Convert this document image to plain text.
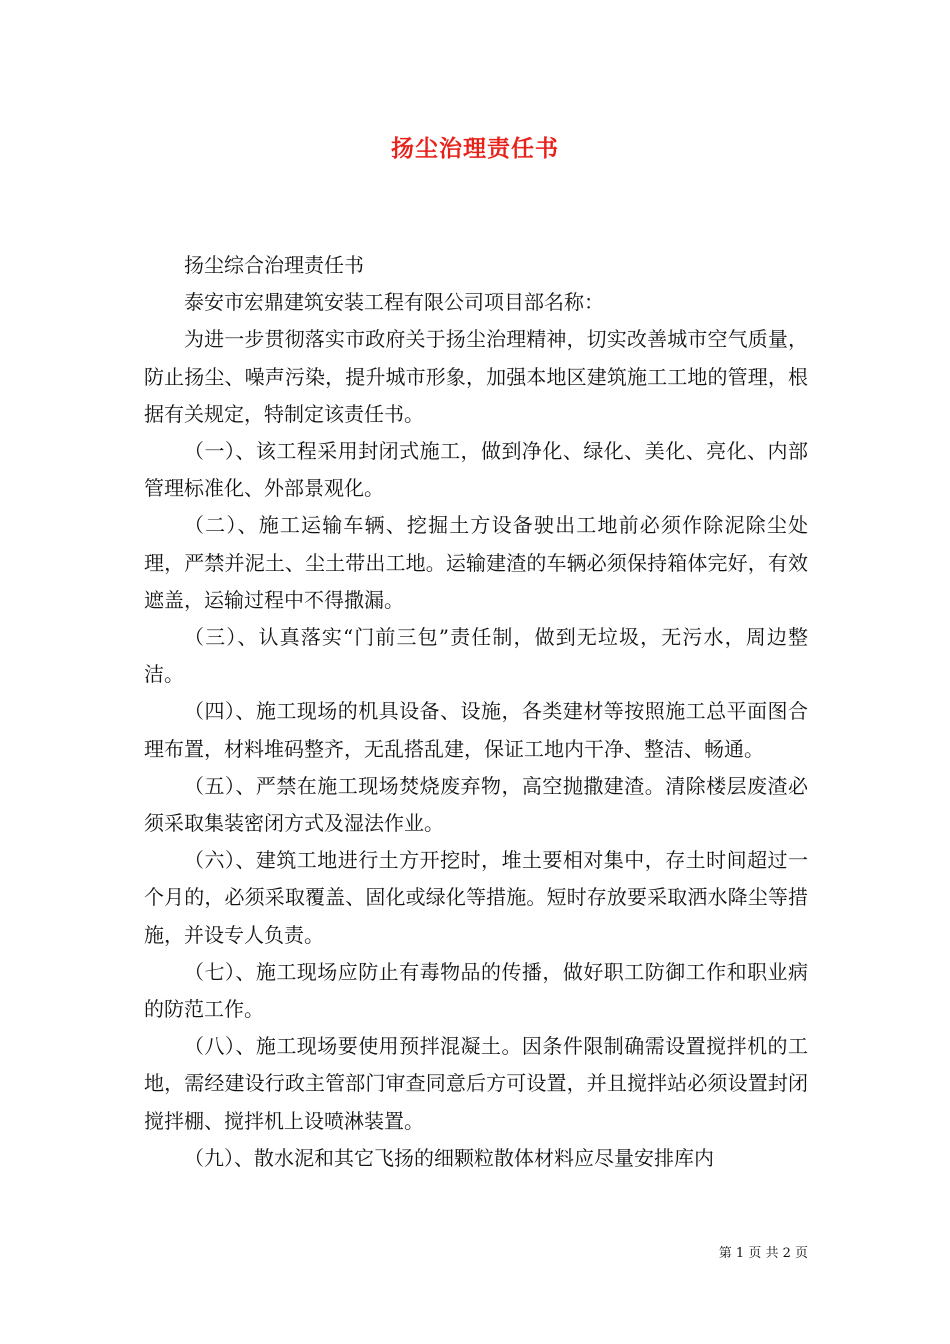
扬尘治理责任书

扬尘综合治理责任书

泰安市宏鼎建筑安装工程有限公司项目部名称：

为进一步贯彻落实市政府关于扬尘治理精神，切实改善城市空气质量，防止扬尘、噪声污染，提升城市形象，加强本地区建筑施工工地的管理，根据有关规定，特制定该责任书。

（一）、该工程采用封闭式施工，做到净化、绿化、美化、亮化、内部管理标准化、外部景观化。

（二）、施工运输车辆、挖掘土方设备驶出工地前必须作除泥除尘处理，严禁并泥土、尘土带出工地。运输建渣的车辆必须保持箱体完好，有效遮盖，运输过程中不得撒漏。

（三）、认真落实“门前三包”责任制，做到无垃圾，无污水，周边整洁。

（四）、施工现场的机具设备、设施，各类建材等按照施工总平面图合理布置，材料堆码整齐，无乱搭乱建，保证工地内干净、整洁、畅通。

（五）、严禁在施工现场焚烧废弃物，高空抛撒建渣。清除楼层废渣必须采取集装密闭方式及湿法作业。

（六）、建筑工地进行土方开挖时，堆土要相对集中，存土时间超过一个月的，必须采取覆盖、固化或绿化等措施。短时存放要采取洒水降尘等措施，并设专人负责。

（七）、施工现场应防止有毒物品的传播，做好职工防御工作和职业病的防范工作。

（八）、施工现场要使用预拌混凝土。因条件限制确需设置搅拌机的工地，需经建设行政主管部门审查同意后方可设置，并且搅拌站必须设置封闭搅拌棚、搅拌机上设喷淋装置。

（九）、散水泥和其它飞扬的细颗粒散体材料应尽量安排库内

第 1 页 共 2 页
